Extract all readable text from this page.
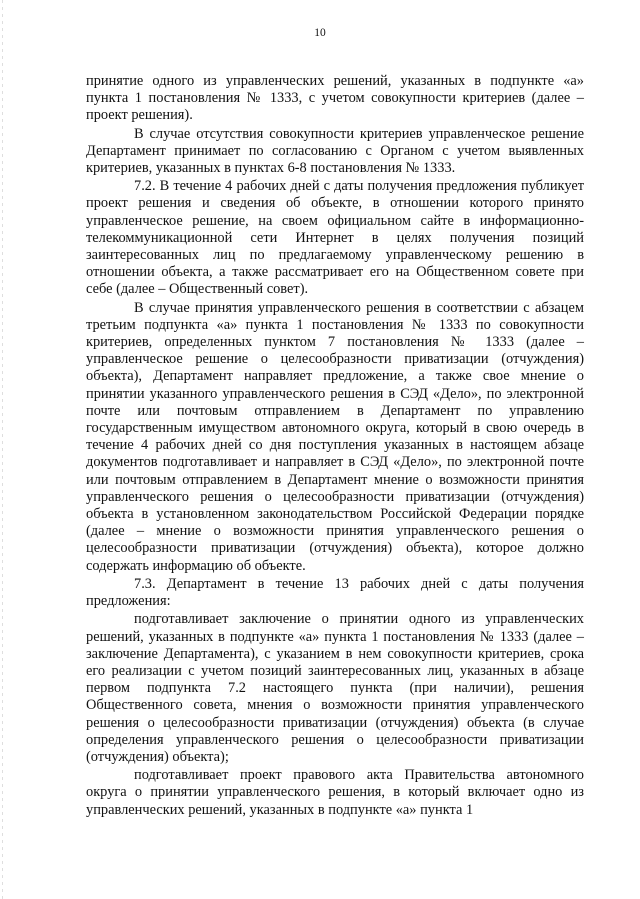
10

принятие одного из управленческих решений, указанных в подпункте «а» пункта 1 постановления № 1333, с учетом совокупности критериев (далее – проект решения).

В случае отсутствия совокупности критериев управленческое решение Департамент принимает по согласованию с Органом с учетом выявленных критериев, указанных в пунктах 6-8 постановления № 1333.

7.2. В течение 4 рабочих дней с даты получения предложения публикует проект решения и сведения об объекте, в отношении которого принято управленческое решение, на своем официальном сайте в информационно-телекоммуникационной сети Интернет в целях получения позиций заинтересованных лиц по предлагаемому управленческому решению в отношении объекта, а также рассматривает его на Общественном совете при себе (далее – Общественный совет).

В случае принятия управленческого решения в соответствии с абзацем третьим подпункта «а» пункта 1 постановления № 1333 по совокупности критериев, определенных пунктом 7 постановления № 1333 (далее – управленческое решение о целесообразности приватизации (отчуждения) объекта), Департамент направляет предложение, а также свое мнение о принятии указанного управленческого решения в СЭД «Дело», по электронной почте или почтовым отправлением в Департамент по управлению государственным имуществом автономного округа, который в свою очередь в течение 4 рабочих дней со дня поступления указанных в настоящем абзаце документов подготавливает и направляет в СЭД «Дело», по электронной почте или почтовым отправлением в Департамент мнение о возможности принятия управленческого решения о целесообразности приватизации (отчуждения) объекта в установленном законодательством Российской Федерации порядке (далее – мнение о возможности принятия управленческого решения о целесообразности приватизации (отчуждения) объекта), которое должно содержать информацию об объекте.

7.3. Департамент в течение 13 рабочих дней с даты получения предложения:

подготавливает заключение о принятии одного из управленческих решений, указанных в подпункте «а» пункта 1 постановления № 1333 (далее – заключение Департамента), с указанием в нем совокупности критериев, срока его реализации с учетом позиций заинтересованных лиц, указанных в абзаце первом подпункта 7.2 настоящего пункта (при наличии), решения Общественного совета, мнения о возможности принятия управленческого решения о целесообразности приватизации (отчуждения) объекта (в случае определения управленческого решения о целесообразности приватизации (отчуждения) объекта);

подготавливает проект правового акта Правительства автономного округа о принятии управленческого решения, в который включает одно из управленческих решений, указанных в подпункте «а» пункта 1
